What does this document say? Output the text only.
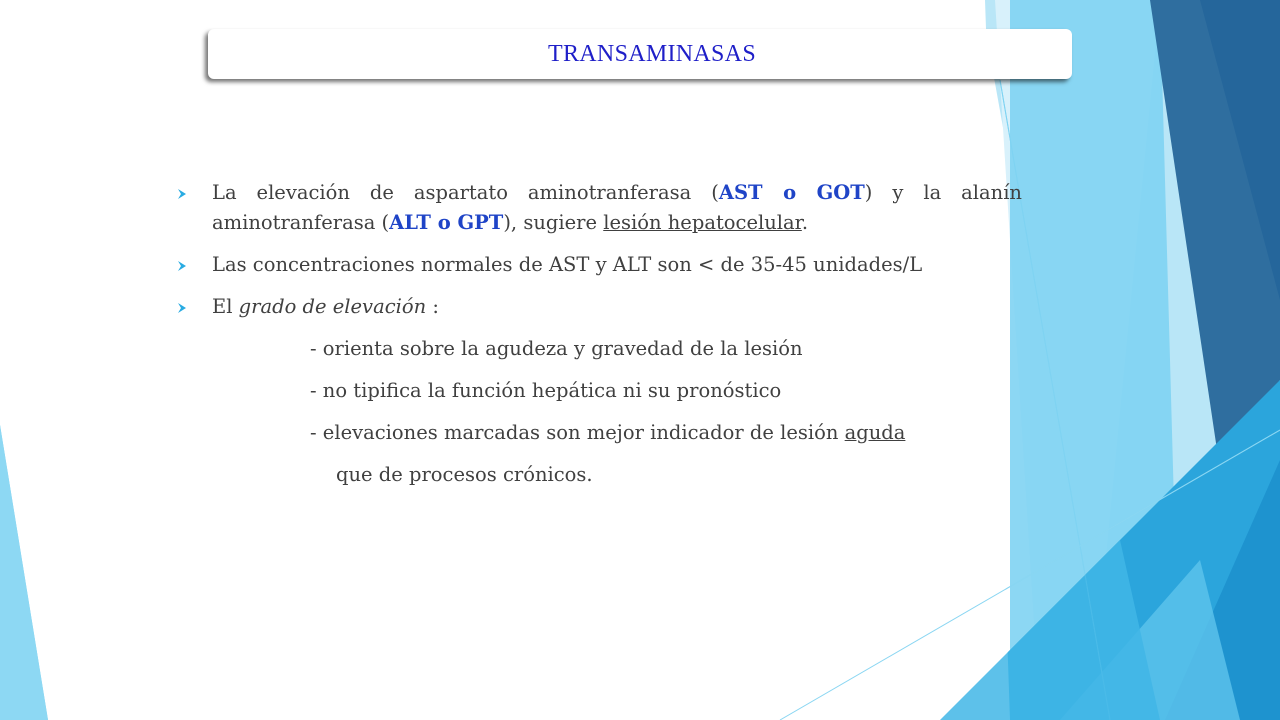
TRANSAMINASAS
La elevación de aspartato aminotranferasa (AST o GOT) y la alanín aminotranferasa (ALT o GPT), sugiere lesión hepatocelular.
Las concentraciones normales de AST y ALT son < de 35-45 unidades/L
El grado de elevación :
- orienta sobre la agudeza y gravedad de la lesión
- no tipifica la función hepática ni su pronóstico
- elevaciones marcadas son mejor indicador de lesión aguda
que de procesos crónicos.
